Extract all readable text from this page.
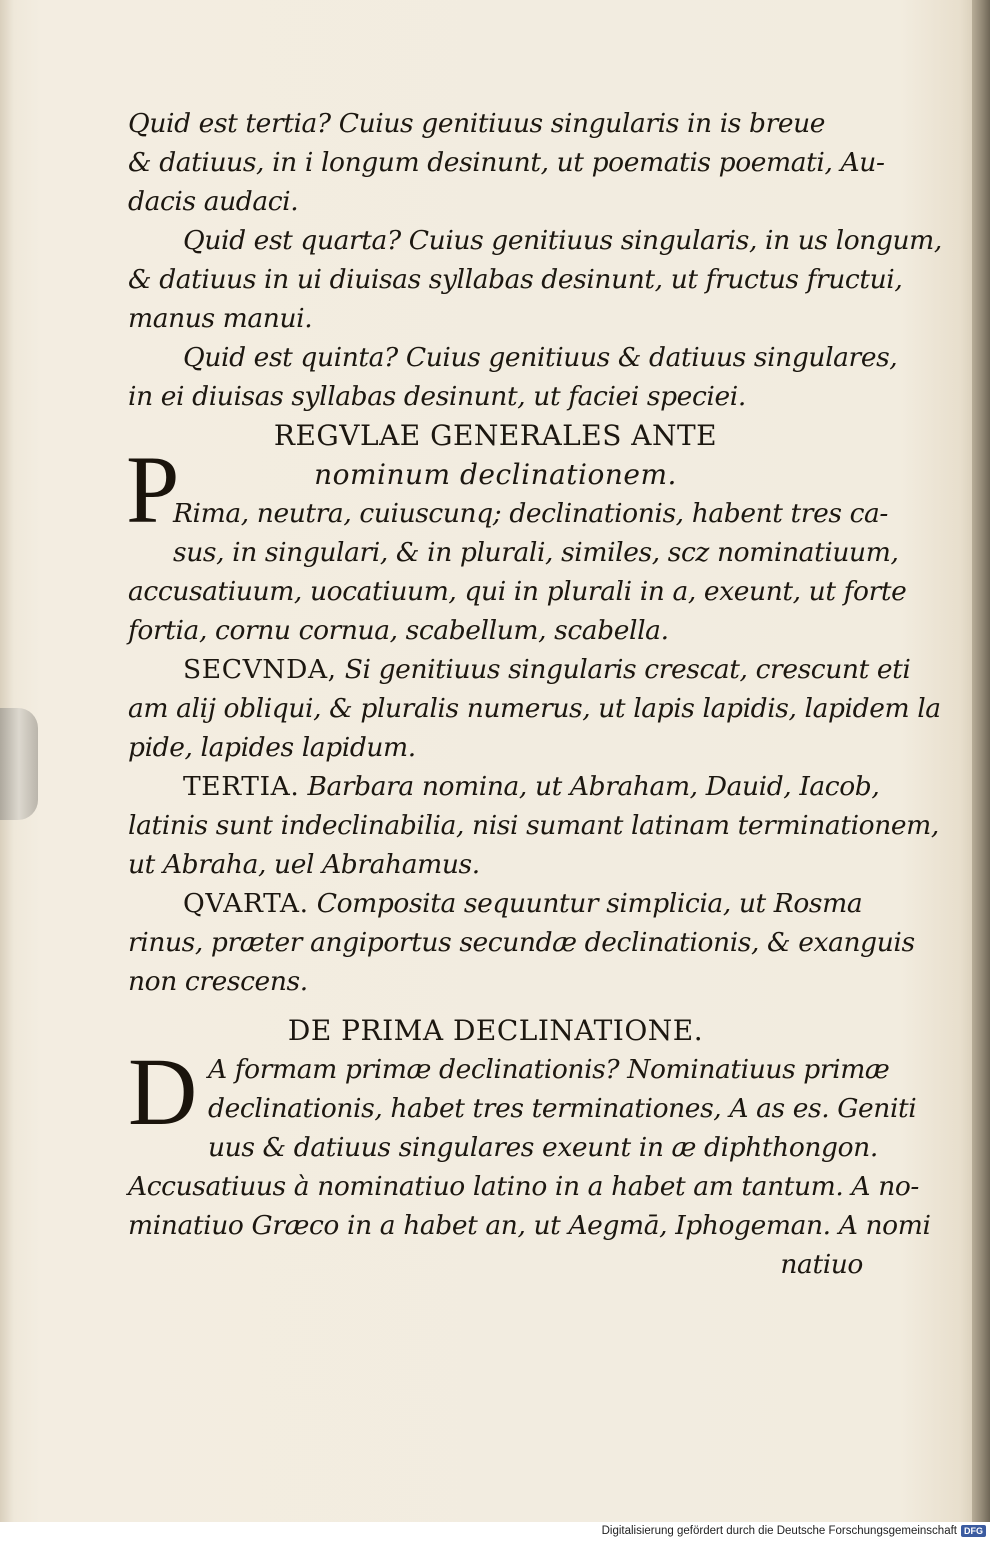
Quid est tertia? Cuius genitiuus singularis in is breue
& datiuus, in i longum desinunt, ut poematis poemati, Au-
dacis audaci.
Quid est quarta? Cuius genitiuus singularis, in us longum,
& datiuus in ui diuisas syllabas desinunt, ut fructus fructui,
manus manui.
Quid est quinta? Cuius genitiuus & datiuus singulares,
in ei diuisas syllabas desinunt, ut faciei speciei.
REGVLAE GENERALES ANTE
nominum declinationem.
P
Rima, neutra, cuiuscunq; declinationis, habent tres ca-
sus, in singulari, & in plurali, similes, scz nominatiuum,
accusatiuum, uocatiuum, qui in plurali in a, exeunt, ut forte
fortia, cornu cornua, scabellum, scabella.
SECVNDA, Si genitiuus singularis crescat, crescunt eti
am alij obliqui, & pluralis numerus, ut lapis lapidis, lapidem la
pide, lapides lapidum.
TERTIA. Barbara nomina, ut Abraham, Dauid, Iacob,
latinis sunt indeclinabilia, nisi sumant latinam terminationem,
ut Abraha, uel Abrahamus.
QVARTA. Composita sequuntur simplicia, ut Rosma
rinus, præter angiportus secundæ declinationis, & exanguis
non crescens.
DE PRIMA DECLINATIONE.
D A formam primæ declinationis? Nominatiuus primæ
declinationis, habet tres terminationes, A as es. Geniti
uus & datiuus singulares exeunt in æ diphthongon.
Accusatiuus à nominatiuo latino in a habet am tantum. A no-
minatiuo Græco in a habet an, ut Aegmā, Iphogeman. A nomi
natiuo
Digitalisierung gefördert durch die Deutsche Forschungsgemeinschaft DFG
